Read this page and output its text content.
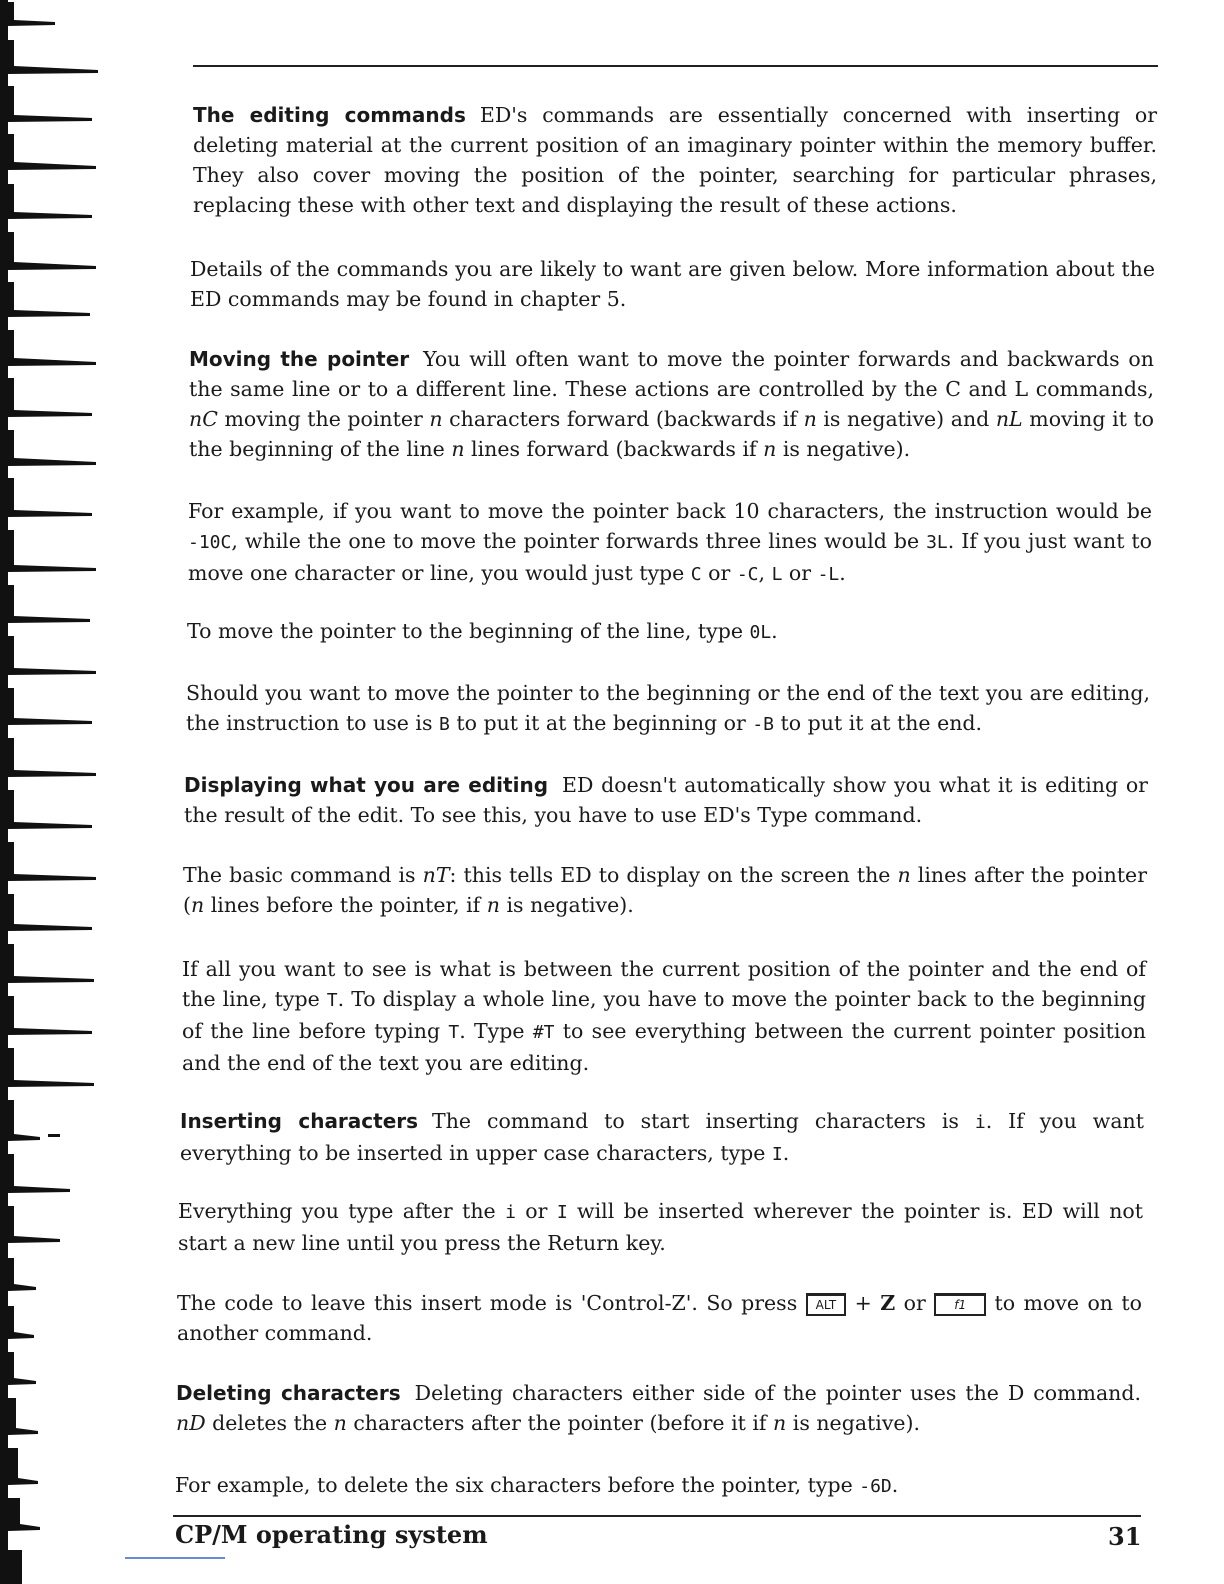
The editing commands ED's commands are essentially concerned with inserting or deleting material at the current position of an imaginary pointer within the memory buffer. They also cover moving the position of the pointer, searching for particular phrases, replacing these with other text and displaying the result of these actions.

Details of the commands you are likely to want are given below. More information about the ED commands may be found in chapter 5.

Moving the pointer You will often want to move the pointer forwards and backwards on the same line or to a different line. These actions are controlled by the C and L commands, nC moving the pointer n characters forward (backwards if n is negative) and nL moving it to the beginning of the line n lines forward (backwards if n is negative).

For example, if you want to move the pointer back 10 characters, the instruction would be -10C, while the one to move the pointer forwards three lines would be 3L. If you just want to move one character or line, you would just type C or -C, L or -L.

To move the pointer to the beginning of the line, type 0L.

Should you want to move the pointer to the beginning or the end of the text you are editing, the instruction to use is B to put it at the beginning or -B to put it at the end.

Displaying what you are editing ED doesn't automatically show you what it is editing or the result of the edit. To see this, you have to use ED's Type command.

The basic command is nT: this tells ED to display on the screen the n lines after the pointer (n lines before the pointer, if n is negative).

If all you want to see is what is between the current position of the pointer and the end of the line, type T. To display a whole line, you have to move the pointer back to the beginning of the line before typing T. Type #T to see everything between the current pointer position and the end of the text you are editing.

Inserting characters The command to start inserting characters is i. If you want everything to be inserted in upper case characters, type I.

Everything you type after the i or I will be inserted wherever the pointer is. ED will not start a new line until you press the Return key.

The code to leave this insert mode is 'Control-Z'. So press ALT + Z or f1 to move on to another command.

Deleting characters Deleting characters either side of the pointer uses the D command. nD deletes the n characters after the pointer (before it if n is negative).

For example, to delete the six characters before the pointer, type -6D.

CP/M operating system	31
